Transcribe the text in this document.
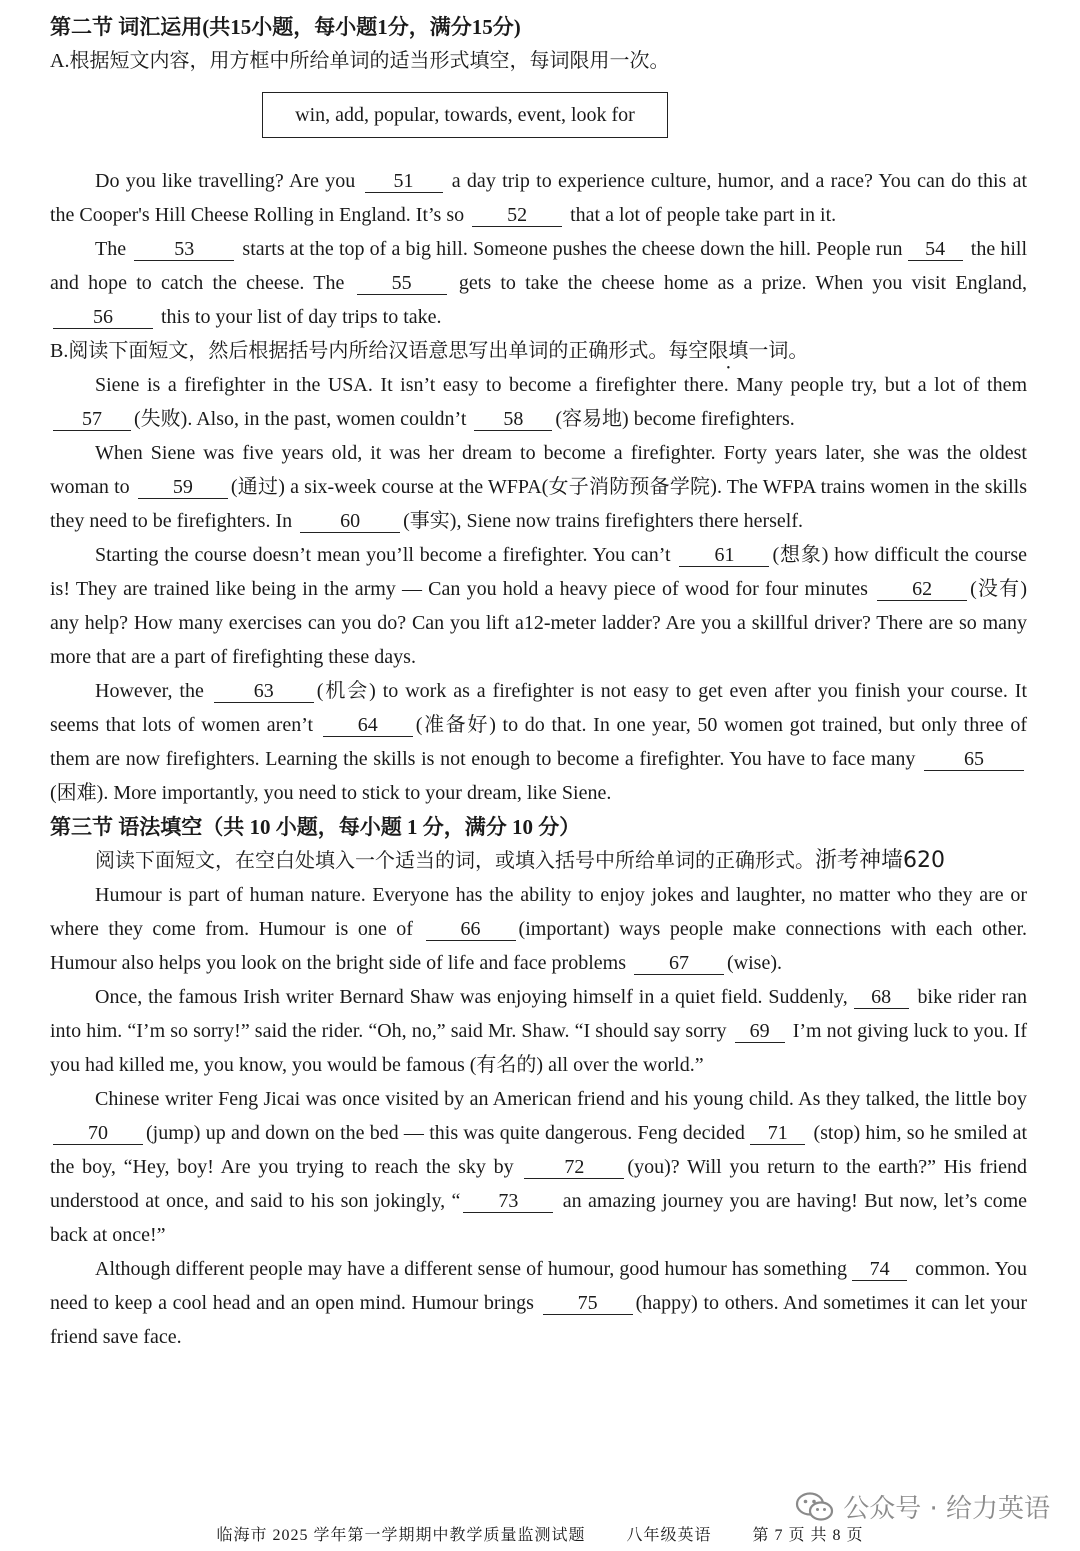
第二节 词汇运用(共15小题，每小题1分，满分15分)
A.根据短文内容，用方框中所给单词的适当形式填空，每词限用一次。
win, add, popular, towards, event, look for

Do you like travelling? Are you 51 a day trip to experience culture, humor, and a race? You can do this at the Cooper's Hill Cheese Rolling in England. It’s so 52 that a lot of people take part in it.

The 53 starts at the top of a big hill. Someone pushes the cheese down the hill. People run 54 the hill and hope to catch the cheese. The 55 gets to take the cheese home as a prize. When you visit England, 56 this to your list of day trips to take.

B.阅读下面短文，然后根据括号内所给汉语意思写出单词的正确形式。每空限填一词 •。

Siene is a firefighter in the USA. It isn’t easy to become a firefighter there. Many people try, but a lot of them 57 (失败). Also, in the past, women couldn’t 58 (容易地) become firefighters.

When Siene was five years old, it was her dream to become a firefighter. Forty years later, she was the oldest woman to 59 (通过) a six-week course at the WFPA(女子消防预备学院). The WFPA trains women in the skills they need to be firefighters. In 60 (事实), Siene now trains firefighters there herself.

Starting the course doesn’t mean you’ll become a firefighter. You can’t 61 (想象) how difficult the course is! They are trained like being in the army — Can you hold a heavy piece of wood for four minutes 62 (没有) any help? How many exercises can you do? Can you lift a12-meter ladder? Are you a skillful driver? There are so many more that are a part of firefighting these days.

However, the 63 (机会) to work as a firefighter is not easy to get even after you finish your course. It seems that lots of women aren’t 64 (准备好) to do that. In one year, 50 women got trained, but only three of them are now firefighters. Learning the skills is not enough to become a firefighter. You have to face many 65(困难). More importantly, you need to stick to your dream, like Siene.

第三节 语法填空（共 10 小题，每小题 1 分，满分 10 分）
阅读下面短文，在空白处填入一个适当的词，或填入括号中所给单词的正确形式。浙考神墙620

Humour is part of human nature. Everyone has the ability to enjoy jokes and laughter, no matter who they are or where they come from. Humour is one of 66 (important) ways people make connections with each other. Humour also helps you look on the bright side of life and face problems 67 (wise).

Once, the famous Irish writer Bernard Shaw was enjoying himself in a quiet field. Suddenly, 68 bike rider ran into him. “I’m so sorry!” said the rider. “Oh, no,” said Mr. Shaw. “I should say sorry 69 I’m not giving luck to you. If you had killed me, you know, you would be famous (有名的) all over the world.”

Chinese writer Feng Jicai was once visited by an American friend and his young child. As they talked, the little boy 70 (jump) up and down on the bed — this was quite dangerous. Feng decided 71 (stop) him, so he smiled at the boy, “Hey, boy! Are you trying to reach the sky by	72 (you)? Will you return to the earth?” His friend understood at once, and said to his son jokingly, “ 73 an amazing journey you are having! But now, let’s come back at once!”

Although different people may have a different sense of humour, good humour has something 74 common. You need to keep a cool head and an open mind. Humour brings 75 (happy) to others. And sometimes it can let your friend save face.

公众号 · 给力英语
临海市 2025 学年第一学期期中教学质量监测试题	八年级英语	第 7 页 共 8 页
